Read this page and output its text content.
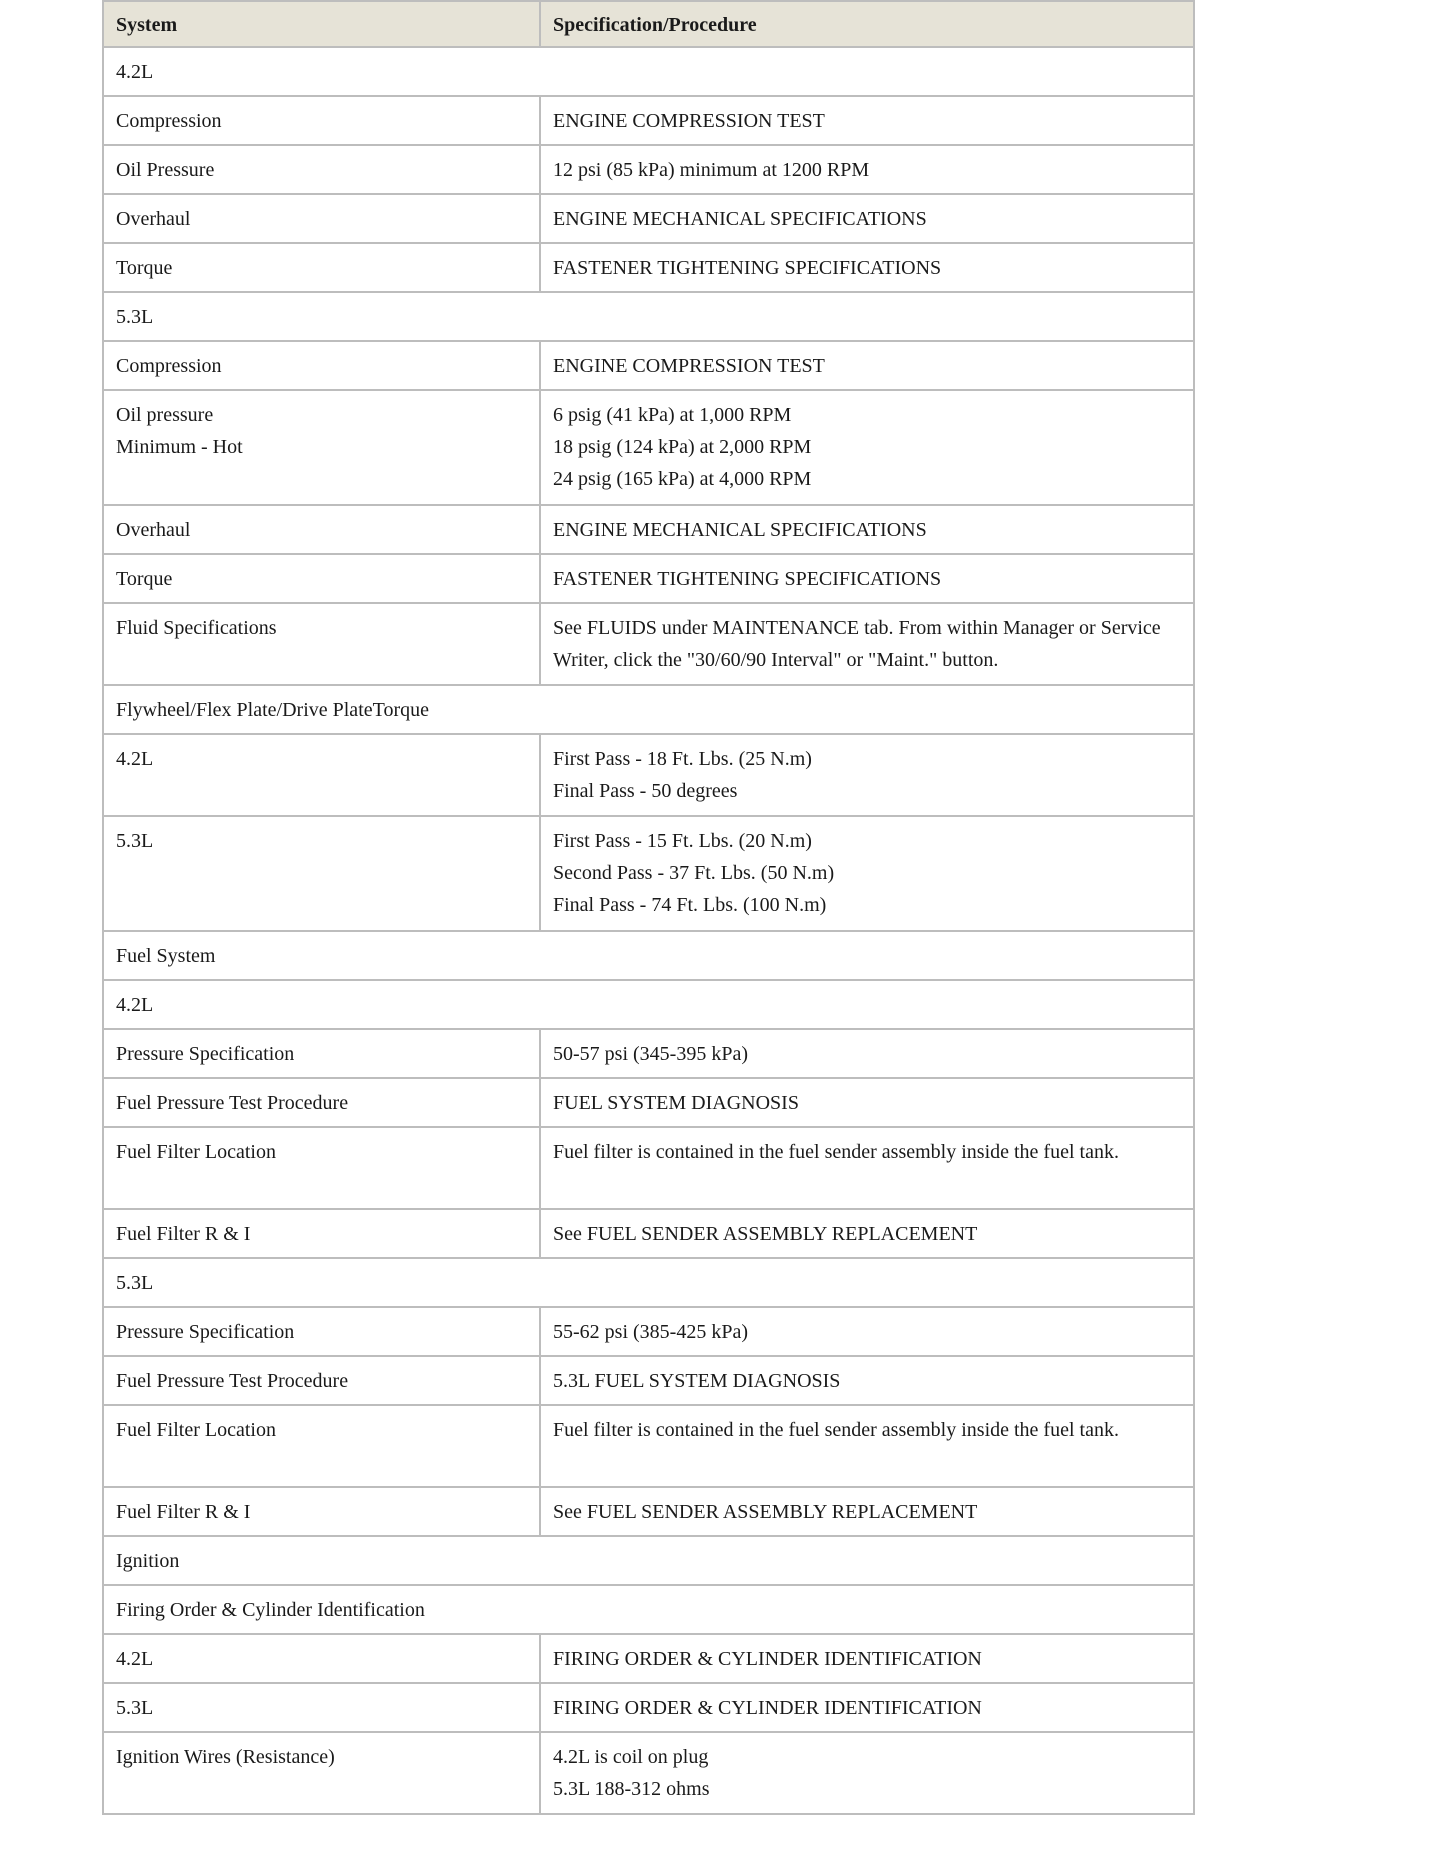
System	Specification/Procedure
4.2L	

Compression	ENGINE COMPRESSION TEST

Oil Pressure	12 psi (85 kPa) minimum at 1200 RPM

Overhaul	ENGINE MECHANICAL SPECIFICATIONS

Torque	FASTENER TIGHTENING SPECIFICATIONS

5.3L	

Compression	ENGINE COMPRESSION TEST

Oil pressure
Minimum - Hot	6 psig (41 kPa) at 1,000 RPM
18 psig (124 kPa) at 2,000 RPM
24 psig (165 kPa) at 4,000 RPM

Overhaul	ENGINE MECHANICAL SPECIFICATIONS

Torque	FASTENER TIGHTENING SPECIFICATIONS

Fluid Specifications	See FLUIDS under MAINTENANCE tab. From within Manager or Service Writer, click the "30/60/90 Interval" or "Maint." button.

Flywheel/Flex Plate/Drive PlateTorque	

4.2L	First Pass - 18 Ft. Lbs. (25 N.m)
Final Pass - 50 degrees

5.3L	First Pass - 15 Ft. Lbs. (20 N.m)
Second Pass - 37 Ft. Lbs. (50 N.m)
Final Pass - 74 Ft. Lbs. (100 N.m)

Fuel System	
4.2L	

Pressure Specification	50-57 psi (345-395 kPa)

Fuel Pressure Test Procedure	FUEL SYSTEM DIAGNOSIS

Fuel Filter Location	Fuel filter is contained in the fuel sender assembly inside the fuel tank.

Fuel Filter R & I	See FUEL SENDER ASSEMBLY REPLACEMENT

5.3L	

Pressure Specification	55-62 psi (385-425 kPa)

Fuel Pressure Test Procedure	5.3L FUEL SYSTEM DIAGNOSIS

Fuel Filter Location	Fuel filter is contained in the fuel sender assembly inside the fuel tank.

Fuel Filter R & I	See FUEL SENDER ASSEMBLY REPLACEMENT

Ignition	
Firing Order & Cylinder Identification	

4.2L	FIRING ORDER & CYLINDER IDENTIFICATION

5.3L	FIRING ORDER & CYLINDER IDENTIFICATION

Ignition Wires (Resistance)	4.2L is coil on plug
5.3L 188-312 ohms
